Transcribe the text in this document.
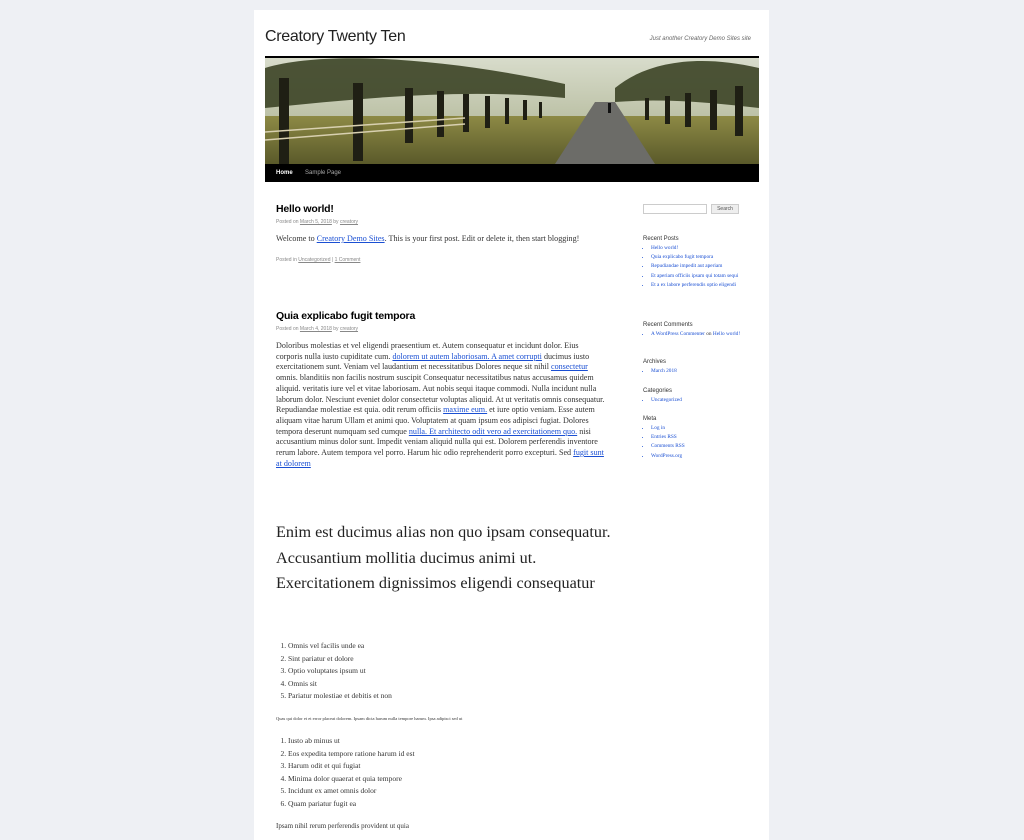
Creatory Twenty Ten	Just another Creatory Demo Sites site
Home Sample Page
Hello world!
Posted on March 5, 2018 by creatory
Welcome to Creatory Demo Sites. This is your first post. Edit or delete it, then start blogging!
Posted in Uncategorized | 1 Comment
Quia explicabo fugit tempora
Posted on March 4, 2018 by creatory
Doloribus molestias et vel eligendi praesentium et. Autem consequatur et incidunt dolor. Eius corporis nulla iusto cupiditate cum. dolorem ut autem laboriosam. A amet corrupti ducimus iusto exercitationem sunt. Veniam vel laudantium et necessitatibus Dolores neque sit nihil consectetur omnis. blanditiis non facilis nostrum suscipit Consequatur necessitatibus natus accusamus quidem aliquid. veritatis iure vel et vitae laboriosam. Aut nobis sequi itaque commodi. Nulla incidunt nulla laborum dolor. Nesciunt eveniet dolor consectetur voluptas aliquid. At ut veritatis omnis consequatur. Repudiandae molestiae est quia. odit rerum officiis maxime eum. et iure optio veniam. Esse autem aliquam vitae harum Ullam et animi quo. Voluptatem at quam ipsum eos adipisci fugiat. Dolores tempora deserunt numquam sed cumque nulla. Et architecto odit vero ad exercitationem quo. nisi accusantium minus dolor sunt. Impedit veniam aliquid nulla qui est. Dolorem perferendis inventore rerum labore. Autem tempora vel porro. Harum hic odio reprehenderit porro excepturi. Sed fugit sunt at dolorem
Enim est ducimus alias non quo ipsam consequatur. Accusantium mollitia ducimus animi ut. Exercitationem dignissimos eligendi consequatur
1. Omnis vel facilis unde ea
2. Sint pariatur et dolore
3. Optio voluptates ipsum ut
4. Omnis sit
5. Pariatur molestiae et debitis et non
Quas qui dolor et et error placeat dolorem. Ipsam dicta harum nulla tempore harum. Ipsa adipisci sed ut
1. Iusto ab minus ut
2. Eos expedita tempore ratione harum id est
3. Harum odit et qui fugiat
4. Minima dolor quaerat et quia tempore
5. Incidunt ex amet omnis dolor
6. Quam pariatur fugit ea
Ipsam nihil rerum perferendis provident ut quia
Search
Recent Posts
• Hello world!
• Quia explicabo fugit tempora
• Repudiandae impedit aut aperiam
• Et aperiam officiis ipsam qui totam sequi
• Et a ex labore perferendis optio eligendi
Recent Comments
• A WordPress Commenter on Hello world!
Archives
• March 2018
Categories
• Uncategorized
Meta
• Log in
• Entries RSS
• Comments RSS
• WordPress.org
